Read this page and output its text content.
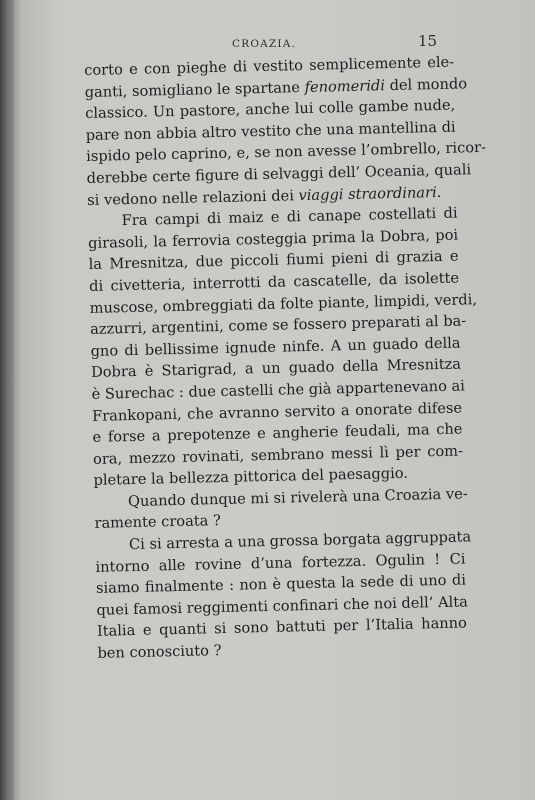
CROAZIA.	15

corto e con pieghe di vestito semplicemente ele-
ganti, somigliano le spartane fenomeridi del mondo
classico. Un pastore, anche lui colle gambe nude,
pare non abbia altro vestito che una mantellina di
ispido pelo caprino, e, se non avesse l’ombrello, ricor-
derebbe certe figure di selvaggi dell’ Oceania, quali
si vedono nelle relazioni dei viaggi straordinari.

Fra campi di maiz e di canape costellati di
girasoli, la ferrovia costeggia prima la Dobra, poi
la Mresnitza, due piccoli fiumi pieni di grazia e
di civetteria, interrotti da cascatelle, da isolette
muscose, ombreggiati da folte piante, limpidi, verdi,
azzurri, argentini, come se fossero preparati al ba-
gno di bellissime ignude ninfe. A un guado della
Dobra è Starigrad, a un guado della Mresnitza
è Surechac : due castelli che già appartenevano ai
Frankopani, che avranno servito a onorate difese
e forse a prepotenze e angherie feudali, ma che
ora, mezzo rovinati, sembrano messi lì per com-
pletare la bellezza pittorica del paesaggio.

Quando dunque mi si rivelerà una Croazia ve-
ramente croata ?

Ci si arresta a una grossa borgata aggruppata
intorno alle rovine d’una fortezza. Ogulin ! Ci
siamo finalmente : non è questa la sede di uno di
quei famosi reggimenti confinari che noi dell’ Alta
Italia e quanti si sono battuti per l’Italia hanno
ben conosciuto ?
